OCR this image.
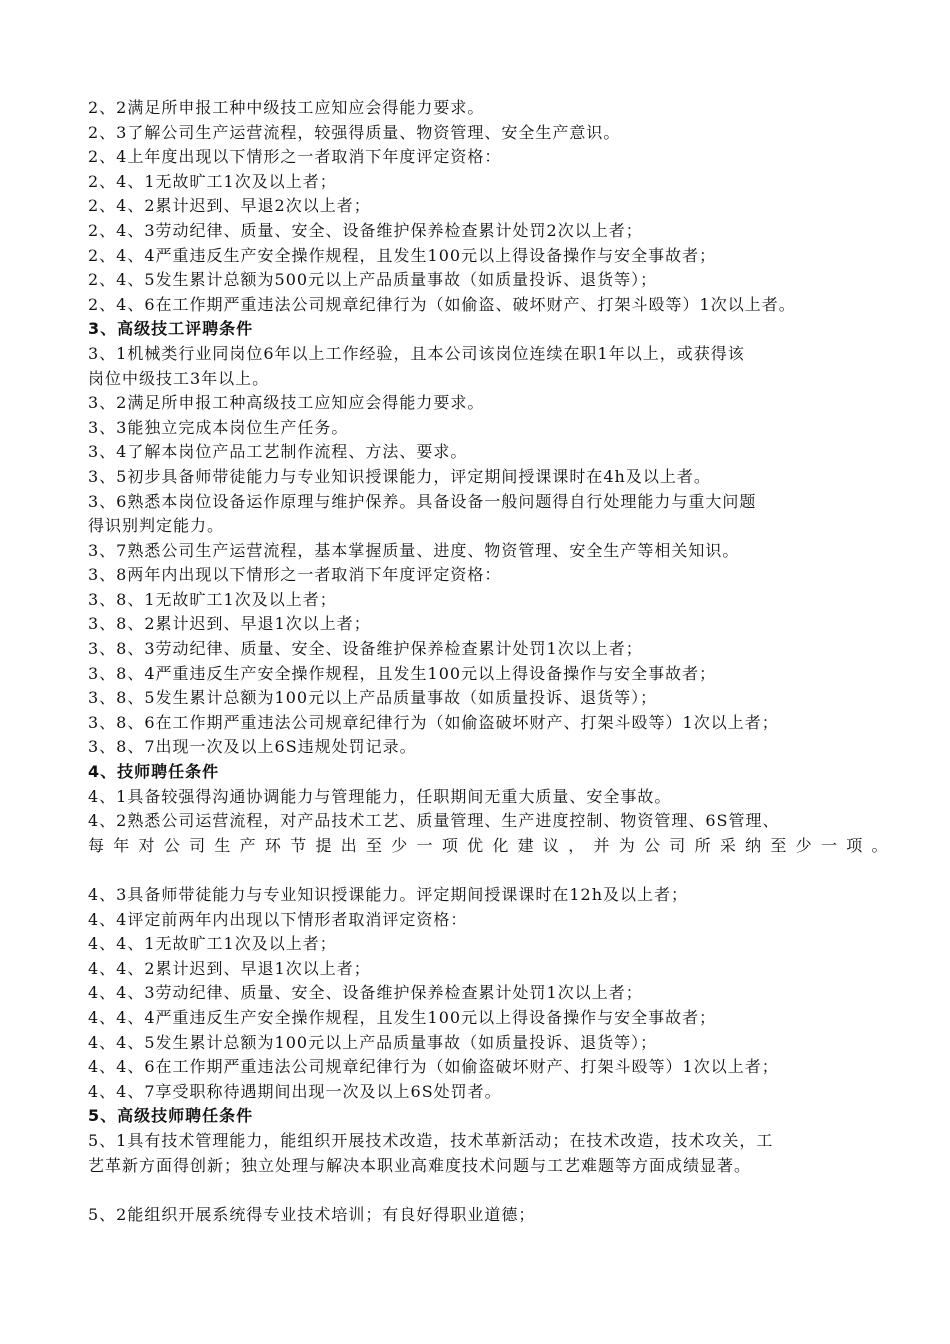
2、2满足所申报工种中级技工应知应会得能力要求。
2、3了解公司生产运营流程，较强得质量、物资管理、安全生产意识。
2、4上年度出现以下情形之一者取消下年度评定资格：
2、4、1无故旷工1次及以上者；
2、4、2累计迟到、早退2次以上者；
2、4、3劳动纪律、质量、安全、设备维护保养检查累计处罚2次以上者；
2、4、4严重违反生产安全操作规程，且发生100元以上得设备操作与安全事故者；
2、4、5发生累计总额为500元以上产品质量事故（如质量投诉、退货等）；
2、4、6在工作期严重违法公司规章纪律行为（如偷盗、破坏财产、打架斗殴等）1次以上者。
3、高级技工评聘条件
3、1机械类行业同岗位6年以上工作经验，且本公司该岗位连续在职1年以上，或获得该
岗位中级技工3年以上。
3、2满足所申报工种高级技工应知应会得能力要求。
3、3能独立完成本岗位生产任务。
3、4了解本岗位产品工艺制作流程、方法、要求。
3、5初步具备师带徒能力与专业知识授课能力，评定期间授课课时在4h及以上者。
3、6熟悉本岗位设备运作原理与维护保养。具备设备一般问题得自行处理能力与重大问题
得识别判定能力。
3、7熟悉公司生产运营流程，基本掌握质量、进度、物资管理、安全生产等相关知识。
3、8两年内出现以下情形之一者取消下年度评定资格：
3、8、1无故旷工1次及以上者；
3、8、2累计迟到、早退1次以上者；
3、8、3劳动纪律、质量、安全、设备维护保养检查累计处罚1次以上者；
3、8、4严重违反生产安全操作规程，且发生100元以上得设备操作与安全事故者；
3、8、5发生累计总额为100元以上产品质量事故（如质量投诉、退货等）；
3、8、6在工作期严重违法公司规章纪律行为（如偷盗破坏财产、打架斗殴等）1次以上者；
3、8、7出现一次及以上6S违规处罚记录。
4、技师聘任条件
4、1具备较强得沟通协调能力与管理能力，任职期间无重大质量、安全事故。
4、2熟悉公司运营流程，对产品技术工艺、质量管理、生产进度控制、物资管理、6S管理、
每年对公司生产环节提出至少一项优化建议，并为公司所采纳至少一项。
4、3具备师带徒能力与专业知识授课能力。评定期间授课课时在12h及以上者；
4、4评定前两年内出现以下情形者取消评定资格：
4、4、1无故旷工1次及以上者；
4、4、2累计迟到、早退1次以上者；
4、4、3劳动纪律、质量、安全、设备维护保养检查累计处罚1次以上者；
4、4、4严重违反生产安全操作规程，且发生100元以上得设备操作与安全事故者；
4、4、5发生累计总额为100元以上产品质量事故（如质量投诉、退货等）；
4、4、6在工作期严重违法公司规章纪律行为（如偷盗破坏财产、打架斗殴等）1次以上者；
4、4、7享受职称待遇期间出现一次及以上6S处罚者。
5、高级技师聘任条件
5、1具有技术管理能力，能组织开展技术改造，技术革新活动；在技术改造，技术攻关，工
艺革新方面得创新；独立处理与解决本职业高难度技术问题与工艺难题等方面成绩显著。
5、2能组织开展系统得专业技术培训；有良好得职业道德；
